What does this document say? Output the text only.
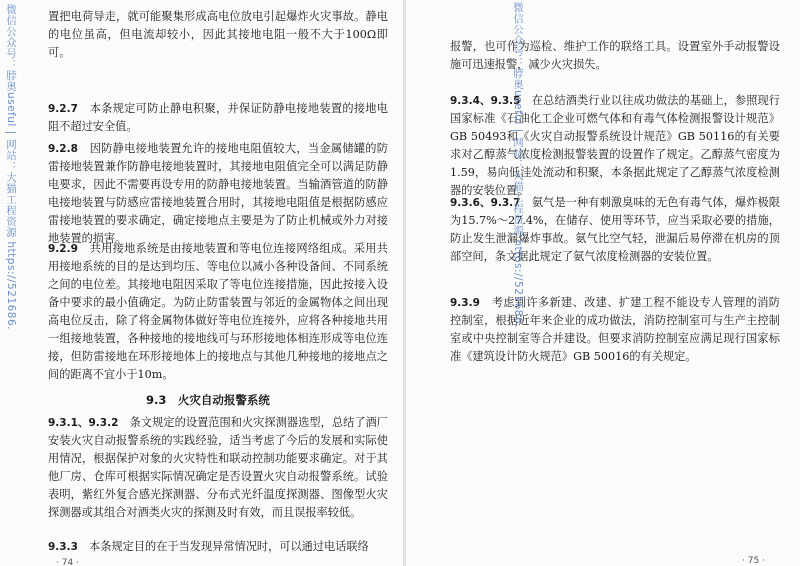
微信公众号：脖奥useful | 网站：大猫工程资源 https://521686.	置把电荷导走，就可能聚集形成高电位放电引起爆炸火灾事故。静电的电位虽高，但电流却较小，因此其接地电阻一般不大于100Ω即可。

9.2.7　 本条规定可防止静电积聚，并保证防静电接地装置的接地电阻不超过安全值。

9.2.8　 因防静电接地装置允许的接地电阻值较大，当金属储罐的防雷接地装置兼作防静电接地装置时，其接地电阻值完全可以满足防静电要求，因此不需要再设专用的防静电接地装置。当输酒管道的防静电接地装置与防感应雷接地装置合用时，其接地电阻值是根据防感应雷接地装置的要求确定，确定接地点主要是为了防止机械或外力对接地装置的损害。

9.2.9　 共用接地系统是由接地装置和等电位连接网络组成。采用共用接地系统的目的是达到均压、等电位以减小各种设备间、不同系统之间的电位差。其接地电阻因采取了等电位连接措施，因此按接入设备中要求的最小值确定。为防止防雷装置与邻近的金属物体之间出现高电位反击，除了将金属物体做好等电位连接外，应将各种接地共用一组接地装置，各种接地的接地线可与环形接地体相连形成等电位连接，但防雷接地在环形接地体上的接地点与其他几种接地的接地点之间的距离不宜小于10m。

9.3　火灾自动报警系统

9.3.1、9.3.2　 条文规定的设置范围和火灾探测器选型，总结了酒厂安装火灾自动报警系统的实践经验，适当考虑了今后的发展和实际使用情况，根据保护对象的火灾特性和联动控制功能要求确定。对于其他厂房、仓库可根据实际情况确定是否设置火灾自动报警系统。试验表明，紫红外复合感光探测器、分布式光纤温度探测器、图像型火灾探测器或其组合对酒类火灾的探测及时有效，而且误报率较低。

9.3.3　 本条规定目的在于当发现异常情况时，可以通过电话联络

· 74 ·

报警，也可作为巡检、维护工作的联络工具。设置室外手动报警设施可迅速报警，减少火灾损失。

9.3.4、9.3.5　 在总结酒类行业以往成功做法的基础上，参照现行国家标准《石油化工企业可燃气体和有毒气体检测报警设计规范》GB 50493和《火灾自动报警系统设计规范》GB 50116的有关要求对乙醇蒸气浓度检测报警装置的设置作了规定。乙醇蒸气密度为1.59，易向低洼处流动和积聚，本条据此规定了乙醇蒸气浓度检测器的安装位置。

9.3.6、9.3.7　 氨气是一种有刺激臭味的无色有毒气体，爆炸极限为15.7%～27.4%，在储存、使用等环节，应当采取必要的措施，防止发生泄漏爆炸事故。氨气比空气轻，泄漏后易停滞在机房的顶部空间，条文据此规定了氨气浓度检测器的安装位置。

9.3.9　 考虑到许多新建、改建、扩建工程不能设专人管理的消防控制室，根据近年来企业的成功做法，消防控制室可与生产主控制室或中央控制室等合并建设。但要求消防控制室应满足现行国家标准《建筑设计防火规范》GB 50016的有关规定。

· 75 ·
微信公众号：脖奥useful | 网站：大猫工程资源 https://521686.
